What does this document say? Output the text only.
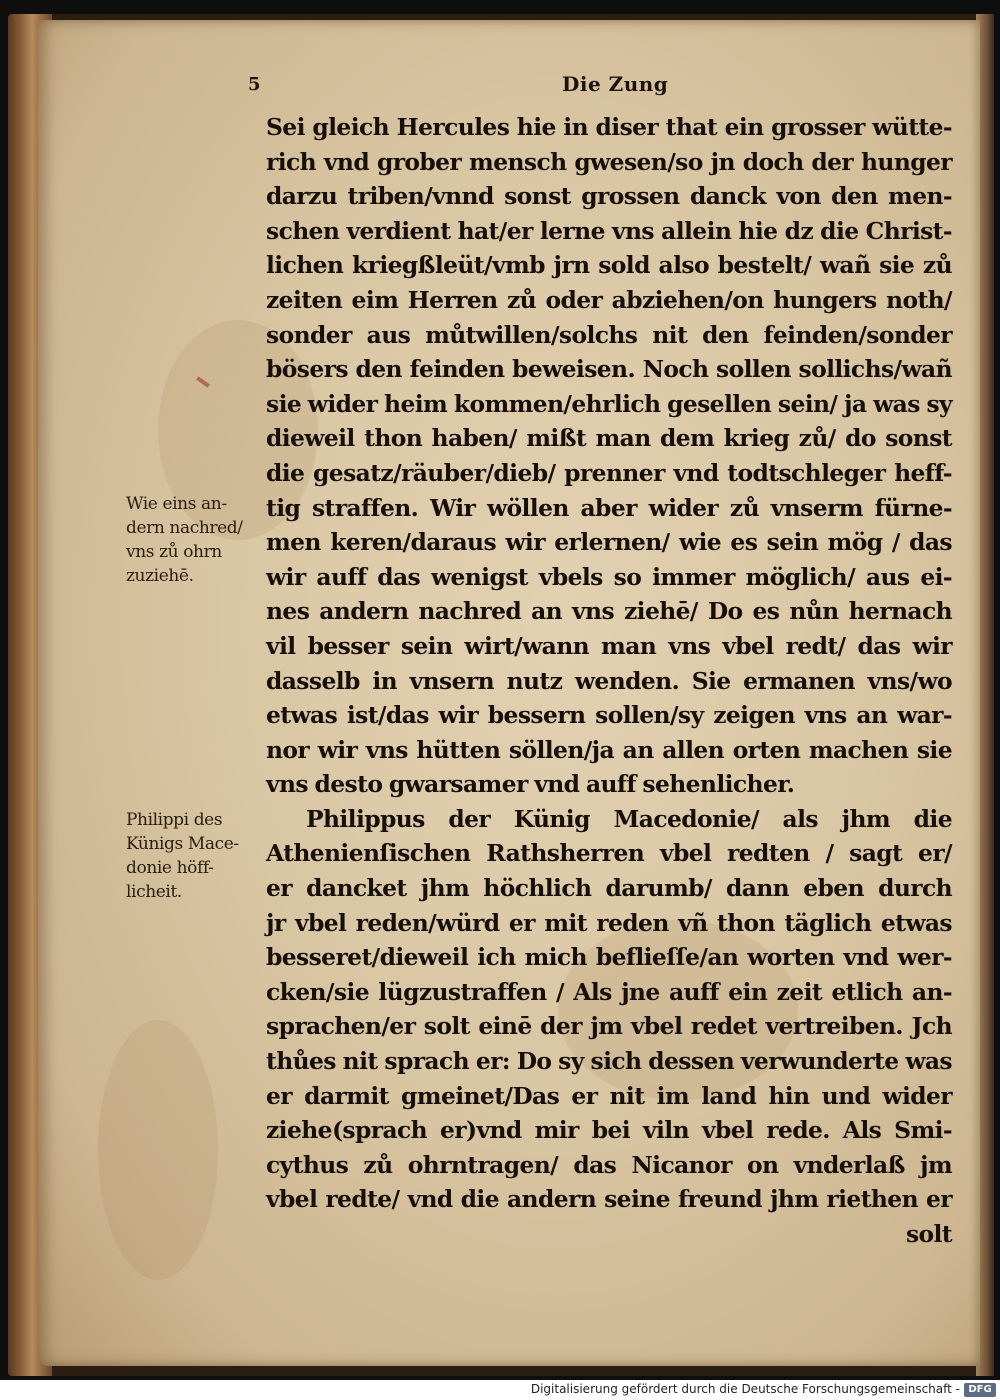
5	Die Zung
Sei gleich Hercules hie in diser that ein grosser wütte-
rich vnd grober mensch gwesen/so jn doch der hunger
darzu triben/vnnd sonst grossen danck von den men-
schen verdient hat/er lerne vns allein hie dz die Christ-
lichen kriegßleüt/vmb jrn sold also bestelt/ wañ sie zů
zeiten eim Herren zů oder abziehen/on hungers noth/
sonder aus můtwillen/solchs nit den feinden/sonder
bösers den feinden beweisen. Noch sollen sollichs/wañ
sie wider heim kommen/ehrlich gesellen sein/ ja was sy
dieweil thon haben/ mißt man dem krieg zů/ do sonst
die gesatz/räuber/dieb/ prenner vnd todtschleger heff-
tig straffen. Wir wöllen aber wider zů vnserm fürne-
men keren/daraus wir erlernen/ wie es sein mög / das
wir auff das wenigst vbels so immer möglich/ aus ei-
nes andern nachred an vns ziehē/ Do es nůn hernach
vil besser sein wirt/wann man vns vbel redt/ das wir
dasselb in vnsern nutz wenden. Sie ermanen vns/wo
etwas ist/das wir bessern sollen/sy zeigen vns an war-
nor wir vns hütten söllen/ja an allen orten machen sie
vns desto gwarsamer vnd auff sehenlicher.
Philippus der Künig Macedonie/ als jhm die
Athenienſischen Rathsherren vbel redten / sagt er/
er dancket jhm höchlich darumb/ dann eben durch
jr vbel reden/würd er mit reden vñ thon täglich etwas
besseret/dieweil ich mich beflieſſe/an worten vnd wer-
cken/sie lügzustraffen / Als jne auff ein zeit etlich an-
sprachen/er solt einē der jm vbel redet vertreiben. Jch
thůes nit sprach er: Do sy sich dessen verwunderte was
er darmit gmeinet/Das er nit im land hin und wider
ziehe(sprach er)vnd mir bei viln vbel rede. Als Smi-
cythus zů ohrntragen/ das Nicanor on vnderlaß jm
vbel redte/ vnd die andern seine freund jhm riethen er
solt
Wie eins an-
dern nachred/
vns zů ohrn
zuziehē.
Philippi des
Künigs Mace-
donie höff-
licheit.
Digitalisierung gefördert durch die Deutsche Forschungsgemeinschaft - DFG
